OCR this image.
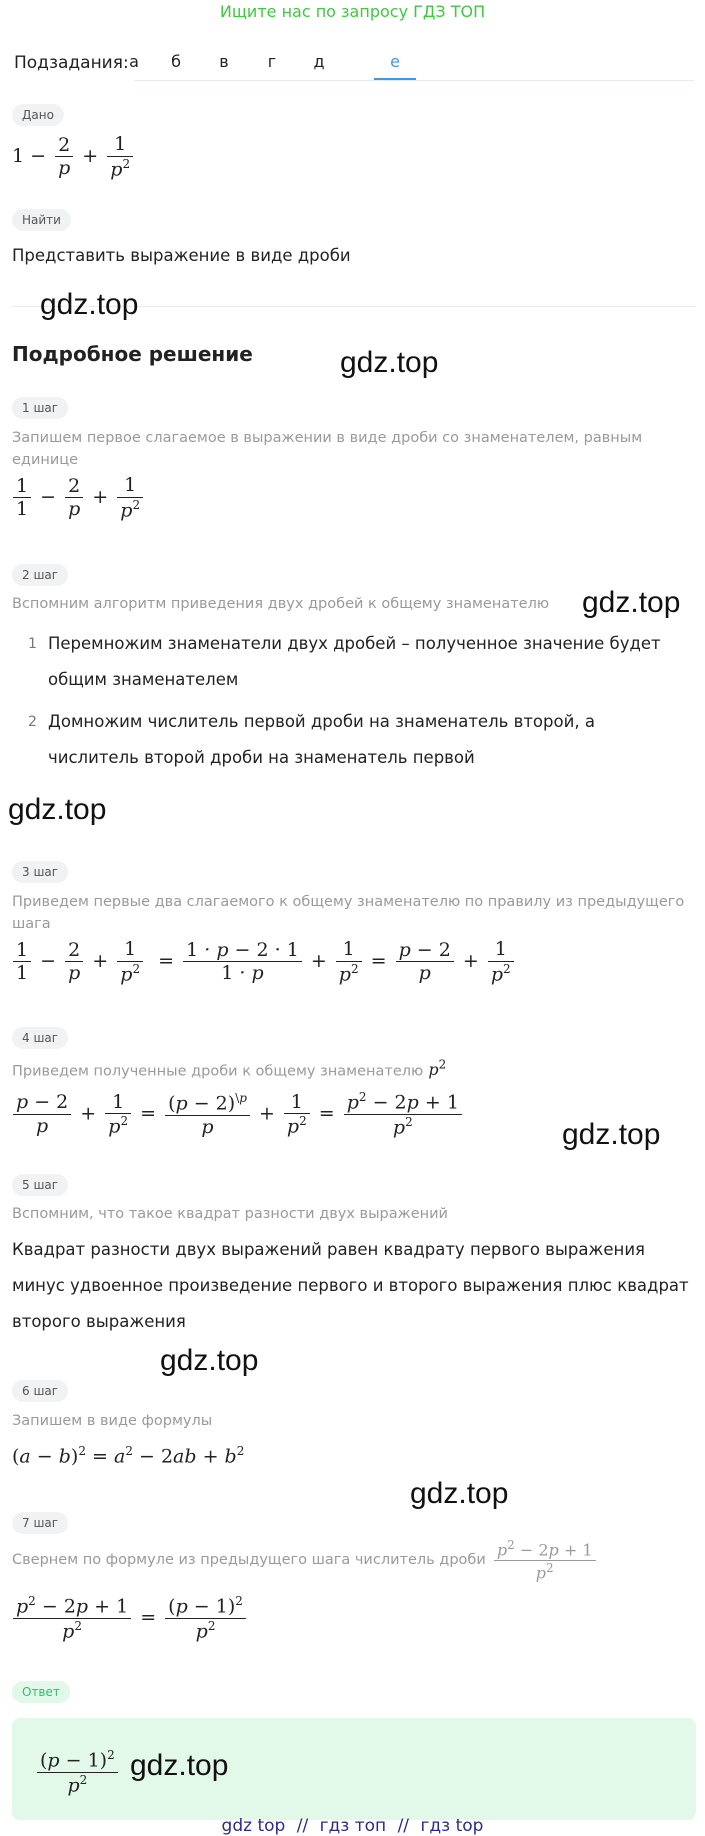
Ищите нас по запросу ГДЗ ТОП
Подзадания: а	б	в	г	д	е
Дано
$1 - \frac{2}{p} + \frac{1}{p^2}$
Найти
Представить выражение в виде дроби
Подробное решение
1 шаг
Запишем первое слагаемое в выражении в виде дроби со знаменателем, равным единице
$\frac{1}{1} - \frac{2}{p} + \frac{1}{p^2}$
2 шаг
Вспомним алгоритм приведения двух дробей к общему знаменателю
1 Перемножим знаменатели двух дробей – полученное значение будет общим знаменателем
2 Домножим числитель первой дроби на знаменатель второй, а числитель второй дроби на знаменатель первой
3 шаг
Приведем первые два слагаемого к общему знаменателю по правилу из предыдущего шага
$\frac{1}{1} - \frac{2}{p} + \frac{1}{p^2} = \frac{1 \cdot p - 2 \cdot 1}{1 \cdot p} + \frac{1}{p^2} = \frac{p - 2}{p} + \frac{1}{p^2}$
4 шаг
Приведем полученные дроби к общему знаменателю $p^2$
$\frac{p - 2}{p} + \frac{1}{p^2} = \frac{(p - 2)^{\backslash p}}{p} + \frac{1}{p^2} = \frac{p^2 - 2p + 1}{p^2}$
5 шаг
Вспомним, что такое квадрат разности двух выражений
Квадрат разности двух выражений равен квадрату первого выражения минус удвоенное произведение первого и второго выражения плюс квадрат второго выражения
6 шаг
Запишем в виде формулы
$(a - b)^2 = a^2 - 2ab + b^2$
7 шаг
Свернем по формуле из предыдущего шага числитель дроби $\frac{p^2 - 2p + 1}{p^2}$
$\frac{p^2 - 2p + 1}{p^2} = \frac{(p - 1)^2}{p^2}$
Ответ
$\frac{(p - 1)^2}{p^2}$
gdz.top
gdz.top
gdz.top
gdz.top
gdz.top
gdz.top
gdz.top
gdz.top
gdz top // гдз топ // гдз top
